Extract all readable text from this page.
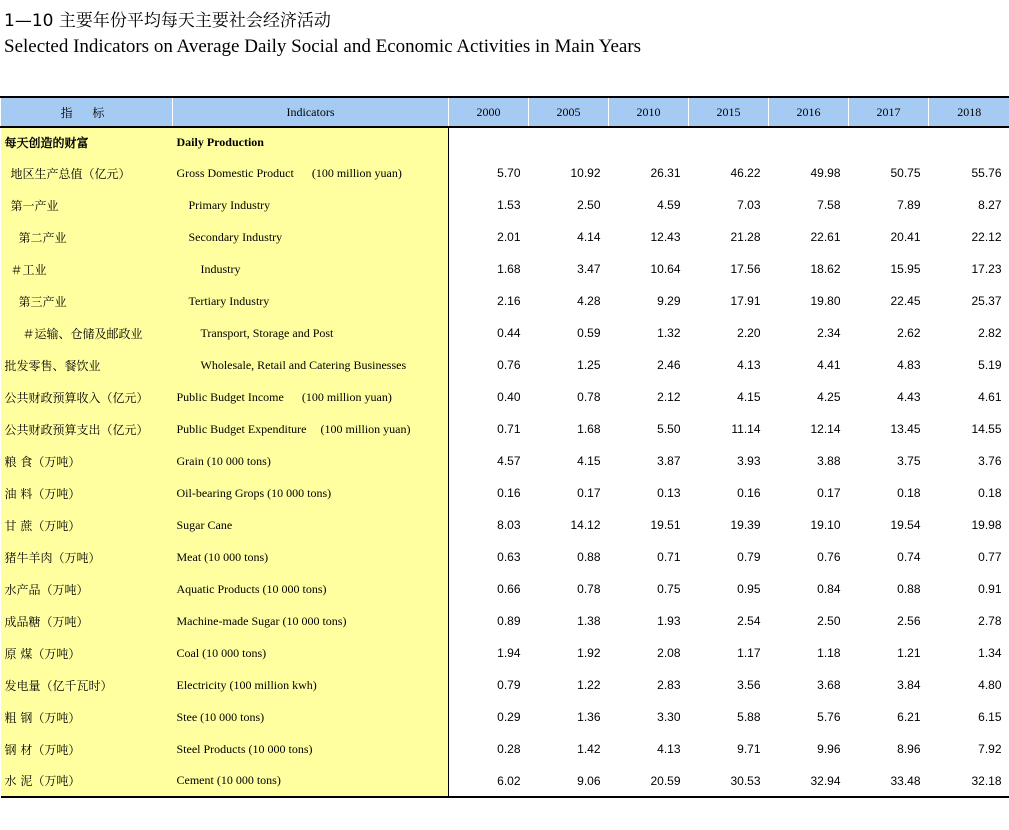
1—10 主要年份平均每天主要社会经济活动
Selected Indicators on Average Daily Social and Economic Activities in Main Years
指 标	Indicators	2000	2005	2010	2015	2016	2017	2018
每天创造的财富	Daily Production							
地区生产总值（亿元）	Gross Domestic Product (100 million yuan)	5.70	10.92	26.31	46.22	49.98	50.75	55.76
第一产业	Primary Industry	1.53	2.50	4.59	7.03	7.58	7.89	8.27
第二产业	Secondary Industry	2.01	4.14	12.43	21.28	22.61	20.41	22.12
＃工业	Industry	1.68	3.47	10.64	17.56	18.62	15.95	17.23
第三产业	Tertiary Industry	2.16	4.28	9.29	17.91	19.80	22.45	25.37
＃运输、仓储及邮政业	Transport, Storage and Post	0.44	0.59	1.32	2.20	2.34	2.62	2.82
批发零售、餐饮业	Wholesale, Retail and Catering Businesses	0.76	1.25	2.46	4.13	4.41	4.83	5.19
公共财政预算收入（亿元）	Public Budget Income (100 million yuan)	0.40	0.78	2.12	4.15	4.25	4.43	4.61
公共财政预算支出（亿元）	Public Budget Expenditure (100 million yuan)	0.71	1.68	5.50	11.14	12.14	13.45	14.55
粮 食（万吨）	Grain (10 000 tons)	4.57	4.15	3.87	3.93	3.88	3.75	3.76
油 料（万吨）	Oil-bearing Grops (10 000 tons)	0.16	0.17	0.13	0.16	0.17	0.18	0.18
甘 蔗（万吨）	Sugar Cane	8.03	14.12	19.51	19.39	19.10	19.54	19.98
猪牛羊肉（万吨）	Meat (10 000 tons)	0.63	0.88	0.71	0.79	0.76	0.74	0.77
水产品（万吨）	Aquatic Products (10 000 tons)	0.66	0.78	0.75	0.95	0.84	0.88	0.91
成品糖（万吨）	Machine-made Sugar (10 000 tons)	0.89	1.38	1.93	2.54	2.50	2.56	2.78
原 煤（万吨）	Coal (10 000 tons)	1.94	1.92	2.08	1.17	1.18	1.21	1.34
发电量（亿千瓦时）	Electricity (100 million kwh)	0.79	1.22	2.83	3.56	3.68	3.84	4.80
粗 钢（万吨）	Stee (10 000 tons)	0.29	1.36	3.30	5.88	5.76	6.21	6.15
钢 材（万吨）	Steel Products (10 000 tons)	0.28	1.42	4.13	9.71	9.96	8.96	7.92
水 泥（万吨）	Cement (10 000 tons)	6.02	9.06	20.59	30.53	32.94	33.48	32.18
